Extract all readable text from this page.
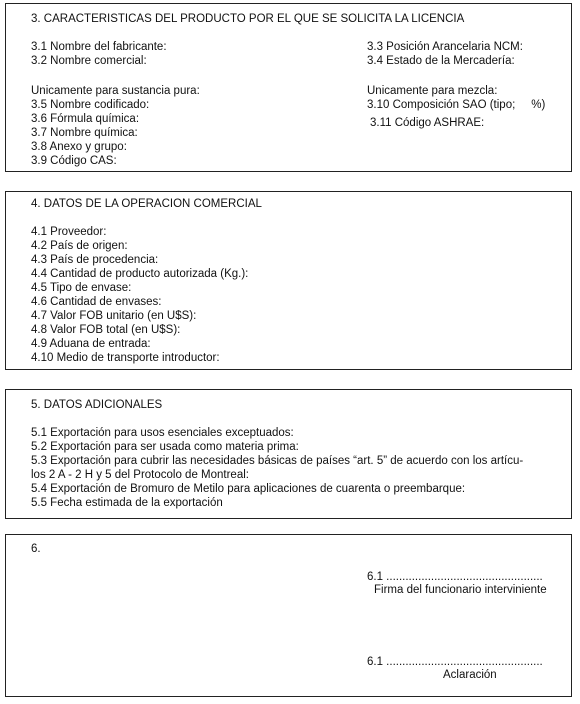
3. CARACTERISTICAS DEL PRODUCTO POR EL QUE SE SOLICITA LA LICENCIA
3.1 Nombre del fabricante:
3.2 Nombre comercial:
3.3 Posición Arancelaria NCM:
3.4 Estado de la Mercadería:
Unicamente para sustancia pura:
3.5 Nombre codificado:
3.6 Fórmula química:
3.7 Nombre química:
3.8 Anexo y grupo:
3.9 Código CAS:
Unicamente para mezcla:
3.10 Composición SAO (tipo;     %)
3.11 Código ASHRAE:
4. DATOS DE LA OPERACION COMERCIAL
4.1 Proveedor:
4.2 País de origen:
4.3 País de procedencia:
4.4 Cantidad de producto autorizada (Kg.):
4.5 Tipo de envase:
4.6 Cantidad de envases:
4.7 Valor FOB unitario (en U$S):
4.8 Valor FOB total (en U$S):
4.9 Aduana de entrada:
4.10 Medio de transporte introductor:
5. DATOS ADICIONALES
5.1 Exportación para usos esenciales exceptuados:
5.2 Exportación para ser usada como materia prima:
5.3 Exportación para cubrir las necesidades básicas de países “art. 5” de acuerdo con los artícu-
los 2 A - 2 H y 5 del Protocolo de Montreal:
5.4 Exportación de Bromuro de Metilo para aplicaciones de cuarenta o preembarque:
5.5 Fecha estimada de la exportación
6.
6.1 .................................................
Firma del funcionario interviniente
6.1 .................................................
Aclaración
